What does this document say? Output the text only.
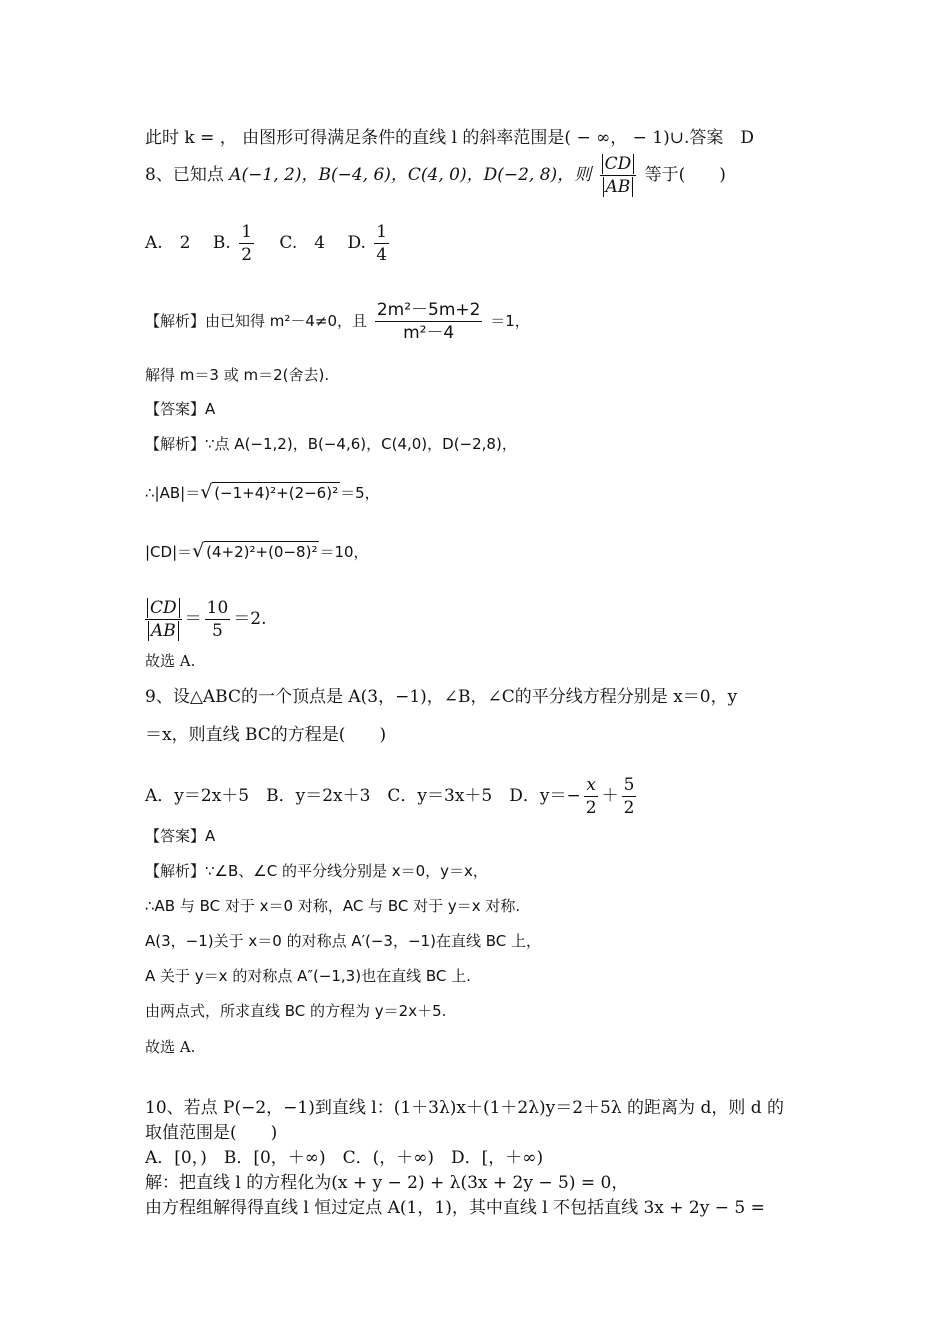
此时 k = ， 由图形可得满足条件的直线 l 的斜率范围是( − ∞， − 1)∪.答案　D
8、已知点 A(−1, 2)，B(−4, 6)，C(4, 0)，D(−2, 8)，则 $\frac{CD}{AB}$ 等于(　　)
A.　2　 B. $\frac{1}{2}$ 　C.　4　 D. $\frac{1}{4}$
【解析】由已知得 m²－4≠0，且 $\frac{\text{2m²－5m+2}}{\text{m²－4}} =1$，
解得 m＝3 或 m＝2(舍去).
【答案】A
【解析】∵点 A(−1,2)，B(−4,6)，C(4,0)，D(−2,8)，
∴|AB|＝ √ (−1+4)²+(2−6)² ＝5，
|CD|＝ √ (4+2)²+(0−8)² ＝10，
$\frac{CD}{AB} = \frac{10}{5} =2$.
故选 A.
9、设△ABC的一个顶点是 A(3，−1)，∠B，∠C的平分线方程分别是 x＝0，y
＝x，则直线 BC的方程是(　　)
A．y＝2x＋5　B．y＝2x＋3　C．y＝3x＋5　D．$y=- \frac{x}{2} + \frac{5}{2}$
【答案】A
【解析】∵∠B、∠C 的平分线分别是 x＝0，y＝x，
∴AB 与 BC 对于 x＝0 对称，AC 与 BC 对于 y＝x 对称.
A(3，−1)关于 x＝0 的对称点 A′(−3，−1)在直线 BC 上，
A 关于 y＝x 的对称点 A″(−1,3)也在直线 BC 上.
由两点式，所求直线 BC 的方程为 y＝2x＋5.
故选 A.
10、若点 P(−2，−1)到直线 l：(1＋3λ)x＋(1＋2λ)y＝2＋5λ 的距离为 d，则 d 的
取值范围是(　　)
A．[0，)　B．[0，＋∞)　C．(，＋∞)　D．[，＋∞)
解：把直线 l 的方程化为(x + y − 2) + λ(3x + 2y − 5) = 0，
由方程组解得得直线 l 恒过定点 A(1，1)，其中直线 l 不包括直线 3x + 2y − 5 =
